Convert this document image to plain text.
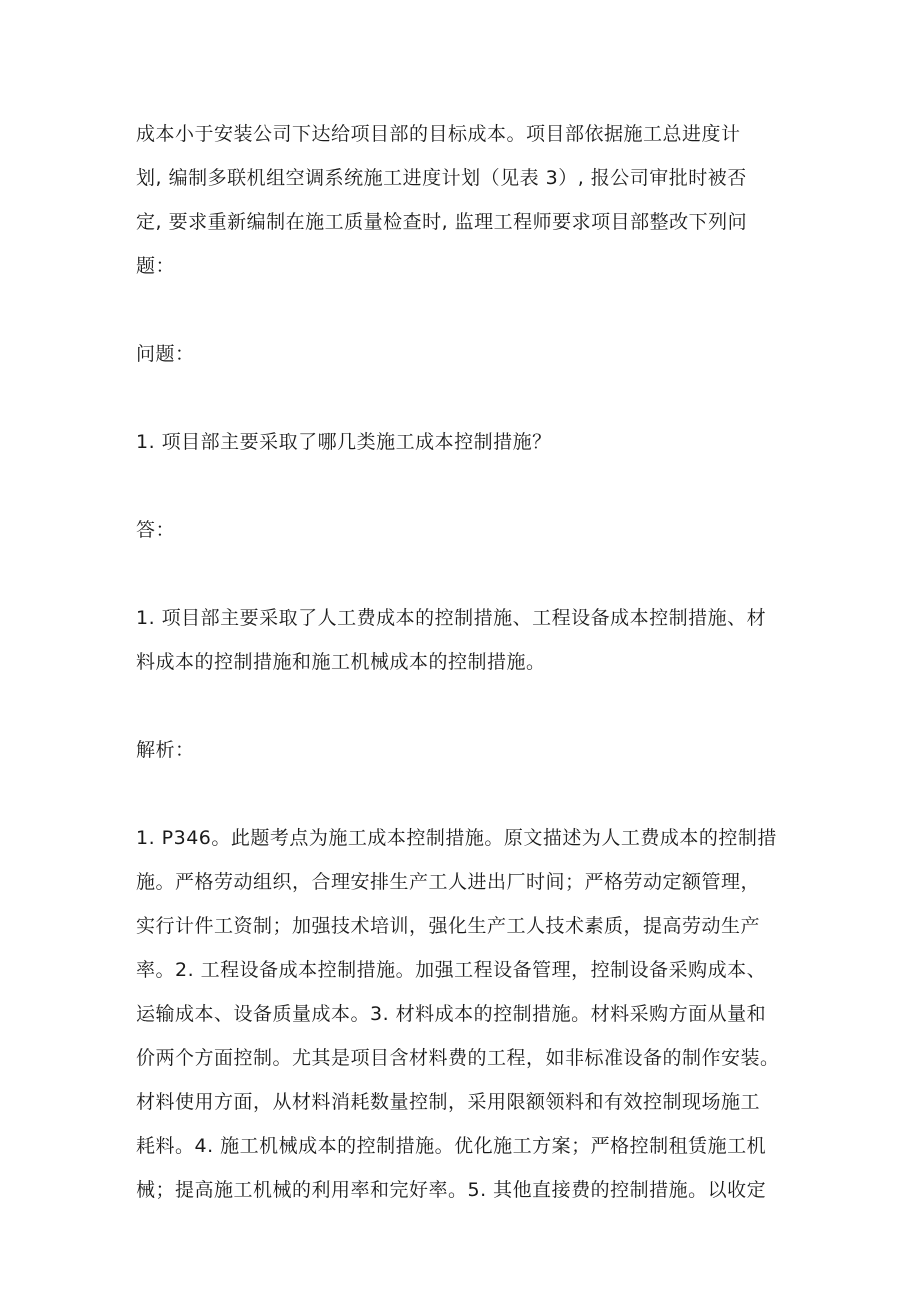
成本小于安装公司下达给项目部的目标成本。项目部依据施工总进度计
划, 编制多联机组空调系统施工进度计划（见表 3）, 报公司审批时被否
定, 要求重新编制在施工质量检查时, 监理工程师要求项目部整改下列问
题：

问题：

1. 项目部主要采取了哪几类施工成本控制措施？

答：

1. 项目部主要采取了人工费成本的控制措施、工程设备成本控制措施、材
料成本的控制措施和施工机械成本的控制措施。

解析：

1. P346。此题考点为施工成本控制措施。原文描述为人工费成本的控制措
施。严格劳动组织，合理安排生产工人进出厂时间；严格劳动定额管理，
实行计件工资制；加强技术培训，强化生产工人技术素质，提高劳动生产
率。2. 工程设备成本控制措施。加强工程设备管理，控制设备采购成本、
运输成本、设备质量成本。3. 材料成本的控制措施。材料采购方面从量和
价两个方面控制。尤其是项目含材料费的工程，如非标准设备的制作安装。
材料使用方面，从材料消耗数量控制，采用限额领料和有效控制现场施工
耗料。4. 施工机械成本的控制措施。优化施工方案；严格控制租赁施工机
械；提高施工机械的利用率和完好率。5. 其他直接费的控制措施。以收定
